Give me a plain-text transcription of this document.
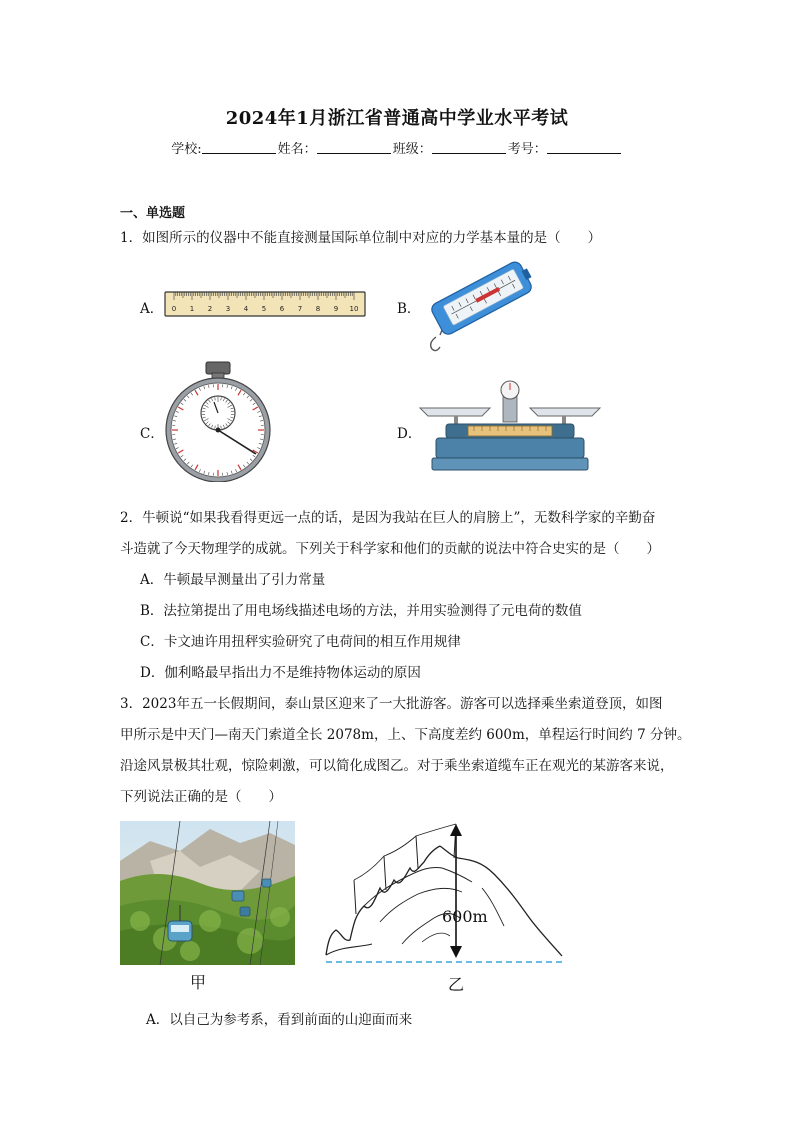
2024年1月浙江省普通高中学业水平考试
学校:	姓名：	班级：	考号：
一、单选题
1．如图所示的仪器中不能直接测量国际单位制中对应的力学基本量的是（　　）
A． 0 1 2 3 4 5 6 7 8 9 10	B．
C．	D．
2．牛顿说“如果我看得更远一点的话，是因为我站在巨人的肩膀上”，无数科学家的辛勤奋
斗造就了今天物理学的成就。下列关于科学家和他们的贡献的说法中符合史实的是（　　）
A．牛顿最早测量出了引力常量
B．法拉第提出了用电场线描述电场的方法，并用实验测得了元电荷的数值
C．卡文迪许用扭秤实验研究了电荷间的相互作用规律
D．伽利略最早指出力不是维持物体运动的原因
3．2023年五一长假期间，泰山景区迎来了一大批游客。游客可以选择乘坐索道登顶，如图
甲所示是中天门—南天门索道全长 2078m，上、下高度差约 600m，单程运行时间约 7 分钟。
沿途风景极其壮观，惊险刺激，可以简化成图乙。对于乘坐索道缆车正在观光的某游客来说，
下列说法正确的是（　　）
甲
600m
乙
A．以自己为参考系，看到前面的山迎面而来
